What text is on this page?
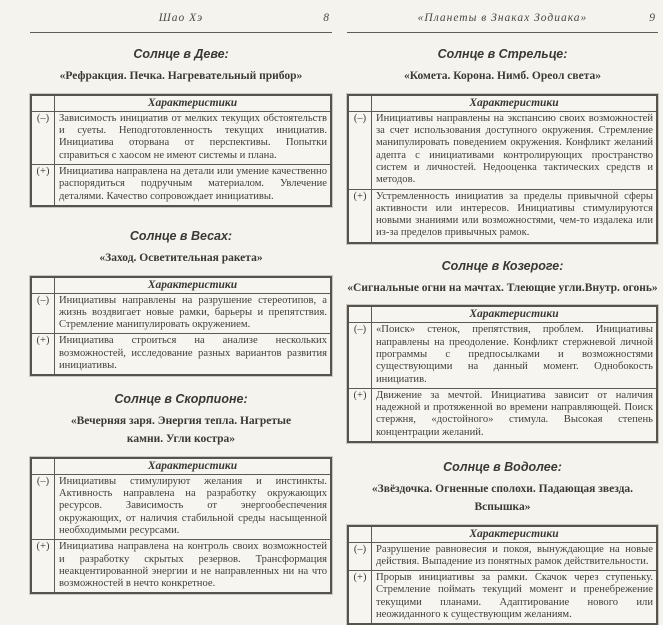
Шао Хэ	8
Солнце в Деве:
«Рефракция. Печка. Нагревательный прибор»
	Характеристики
(–)	Зависимость инициатив от мелких текущих обстоятельств и суеты. Неподготовленность текущих инициатив. Инициатива оторвана от перспективы. Попытки справиться с хаосом не имеют системы и плана.
(+)	Инициатива направлена на детали или умение качественно распорядиться подручным материалом. Увлечение деталями. Качество сопровождает инициативы.
Солнце в Весах:
«Заход. Осветительная ракета»
	Характеристики
(–)	Инициативы направлены на разрушение стереотипов, а жизнь воздвигает новые рамки, барьеры и препятствия. Стремление манипулировать окружением.
(+)	Инициатива строиться на анализе нескольких возможностей, исследование разных вариантов развития инициативы.
Солнце в Скорпионе:
«Вечерняя заря. Энергия тепла. Нагретые камни. Угли костра»
	Характеристики
(–)	Инициативы стимулируют желания и инстинкты. Активность направлена на разработку окружающих ресурсов. Зависимость от энергообеспечения окружающих, от наличия стабильной среды насыщенной необходимыми ресурсами.
(+)	Инициатива направлена на контроль своих возможностей и разработку скрытых резервов. Трансформация неакцентированной энергии и не направленных ни на что возможностей в нечто конкретное.
«Планеты в Знаках Зодиака»	9
Солнце в Стрельце:
«Комета. Корона. Нимб. Ореол света»
	Характеристики
(–)	Инициативы направлены на экспансию своих возможностей за счет использования доступного окружения. Стремление манипулировать поведением окружения. Конфликт желаний адепта с инициативами контролирующих пространство систем и личностей. Недооценка тактических средств и методов.
(+)	Устремленность инициатив за пределы привычной сферы активности или интересов. Инициативы стимулируются новыми знаниями или возможностями, чем-то издалека или из-за пределов привычных рамок.
Солнце в Козероге:
«Сигнальные огни на мачтах. Тлеющие угли.Внутр. огонь»
	Характеристики
(–)	«Поиск» стенок, препятствия, проблем. Инициативы направлены на преодоление. Конфликт стержневой личной программы с предпосылками и возможностями существующими на данный момент. Однобокость инициатив.
(+)	Движение за мечтой. Инициатива зависит от наличия надежной и протяженной во времени направляющей. Поиск стержня, «достойного» стимула. Высокая степень концентрации желаний.
Солнце в Водолее:
«Звёздочка. Огненные сполохи. Падающая звезда. Вспышка»
	Характеристики
(–)	Разрушение равновесия и покоя, вынуждающие на новые действия. Выпадение из понятных рамок действительности.
(+)	Прорыв инициативы за рамки. Скачок через ступеньку. Стремление поймать текущий момент и пренебрежение текущими планами. Адаптирование нового или неожиданного к существующим желаниям.
